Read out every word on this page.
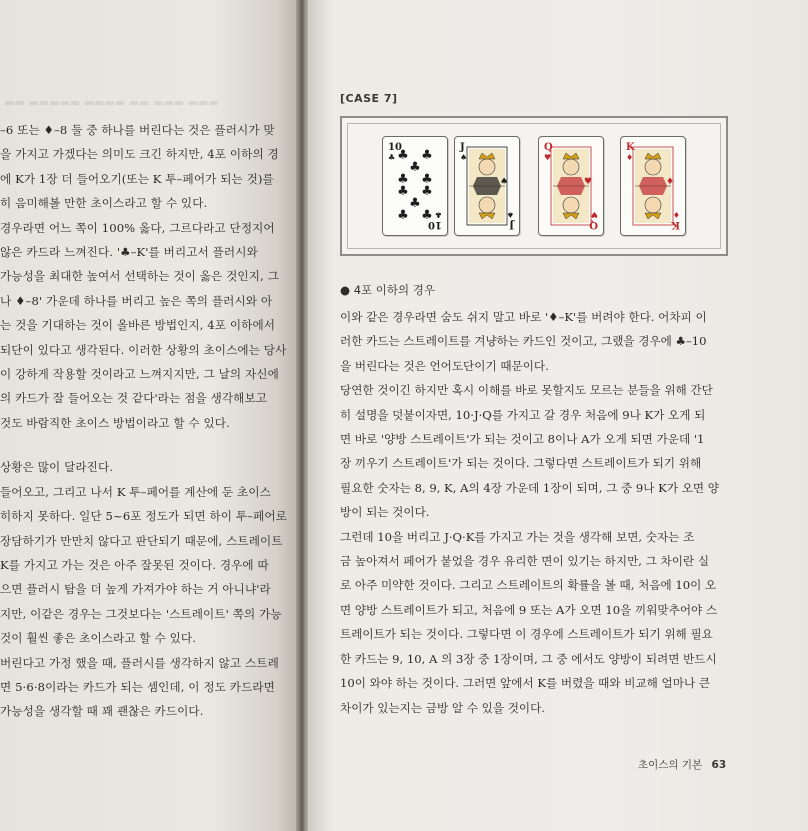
▬▬ ▬▬▬▬▬ ▬▬▬▬ ▬▬ ▬▬▬ ▬▬▬
–6 또는 ♦–8 둘 중 하나를 버린다는 것은 플러시가 맞
을 가지고 가겠다는 의미도 크긴 하지만, 4포 이하의 경
에 K가 1장 더 들어오기(또는 K 투–페어가 되는 것)를
히 음미해볼 만한 초이스라고 할 수 있다.
경우라면 어느 쪽이 100% 옳다, 그르다라고 단정지어
않은 카드라 느껴진다. '♣–K'를 버리고서 플러시와
가능성을 최대한 높여서 선택하는 것이 옳은 것인지, 그
나 ♦–8' 가운데 하나를 버리고 높은 쪽의 플러시와 아
는 것을 기대하는 것이 올바른 방법인지, 4포 이하에서
되단이 있다고 생각된다. 이러한 상황의 초이스에는 당사
이 강하게 작용할 것이라고 느껴지지만, 그 날의 자신에
의 카드가 잘 들어오는 것 같다'라는 점을 생각해보고
것도 바람직한 초이스 방법이라고 할 수 있다.
상황은 많이 달라진다.
들어오고, 그리고 나서 K 투–페어를 계산에 둔 초이스
히하지 못하다. 일단 5~6포 정도가 되면 하이 투–페어로
장담하기가 만만치 않다고 판단되기 때문에, 스트레이트
K를 가지고 가는 것은 아주 잘못된 것이다. 경우에 따
으면 플러시 탐을 더 높게 가져가야 하는 거 아니냐'라
지만, 이같은 경우는 그것보다는 '스트레이트' 쪽의 가능
것이 훨씬 좋은 초이스라고 할 수 있다.
버린다고 가정 했을 때, 플러시를 생각하지 않고 스트레
면 5·6·8이라는 카드가 되는 셈인데, 이 정도 카드라면
가능성을 생각할 때 꽤 괜찮은 카드이다.
[CASE 7]
10
♣
10
♣
♣ ♣
♣
♣ ♣
♣ ♣
♣
♣ ♣
J
♠
J
♠
♠
Q
♥
Q
♥
♥
K
♦
K
♦
♦
● 4포 이하의 경우

이와 같은 경우라면 숨도 쉬지 말고 바로 '♦–K'를 버려야 한다. 어차피 이

러한 카드는 스트레이트를 겨냥하는 카드인 것이고, 그랬을 경우에 ♣–10

을 버린다는 것은 언어도단이기 때문이다.

당연한 것이긴 하지만 혹시 이해를 바로 못할지도 모르는 분들을 위해 간단

히 설명을 덧붙이자면, 10·J·Q를 가지고 갈 경우 처음에 9나 K가 오게 되

면 바로 '양방 스트레이트'가 되는 것이고 8이나 A가 오게 되면 가운데 '1

장 끼우기 스트레이트'가 되는 것이다. 그렇다면 스트레이트가 되기 위해

필요한 숫자는 8, 9, K, A의 4장 가운데 1장이 되며, 그 중 9나 K가 오면 양

방이 되는 것이다.

그런데 10을 버리고 J·Q·K를 가지고 가는 것을 생각해 보면, 숫자는 조

금 높아져서 페어가 붙었을 경우 유리한 면이 있기는 하지만, 그 차이란 실

로 아주 미약한 것이다. 그리고 스트레이트의 확률을 볼 때, 처음에 10이 오

면 양방 스트레이트가 되고, 처음에 9 또는 A가 오면 10을 끼워맞추어야 스

트레이트가 되는 것이다. 그렇다면 이 경우에 스트레이트가 되기 위해 필요

한 카드는 9, 10, A 의 3장 중 1장이며, 그 중 에서도 양방이 되려면 반드시

10이 와야 하는 것이다. 그러면 앞에서 K를 버렸을 때와 비교해 얼마나 큰

차이가 있는지는 금방 알 수 있을 것이다.

초이스의 기본 63
